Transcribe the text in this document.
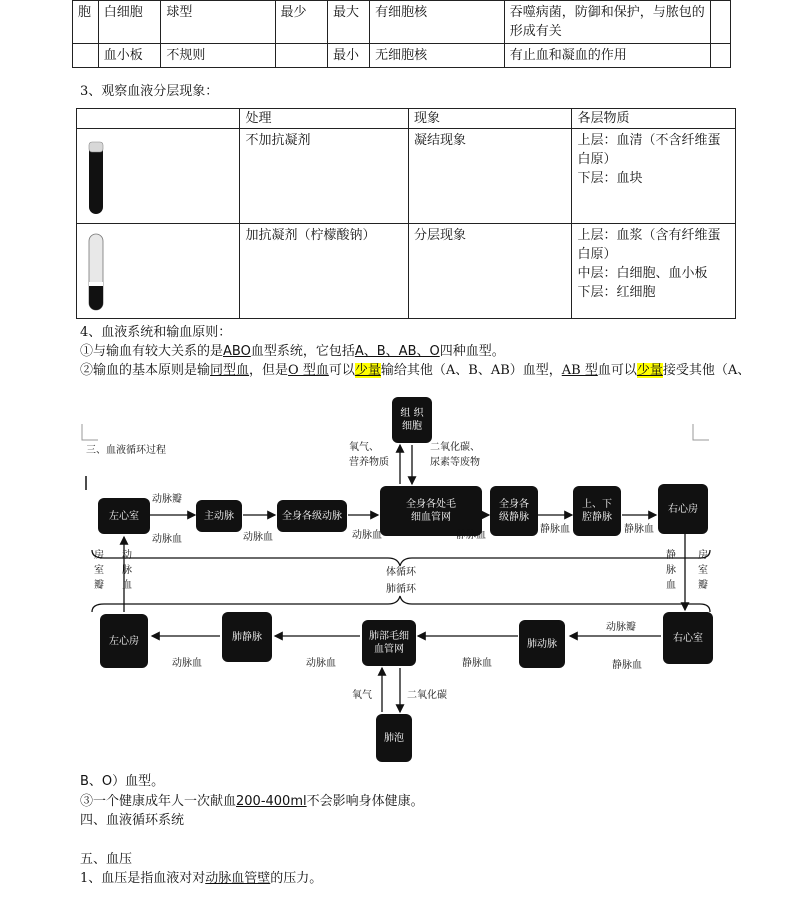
胞	白细胞	球型	最少	最大	有细胞核	吞噬病菌，防御和保护，与脓包的形成有关	
	血小板	不规则		最小	无细胞核	有止血和凝血的作用	
3、观察血液分层现象：
	处理	现象	各层物质
	不加抗凝剂	凝结现象	上层：血清（不含纤维蛋白原）
下层：血块

	加抗凝剂（柠檬酸钠）	分层现象	上层：血浆（含有纤维蛋白原）
中层：白细胞、血小板
下层：红细胞
4、血液系统和输血原则：
①与输血有较大关系的是ABO血型系统，它包括A、B、AB、O四种血型。
②输血的基本原则是输同型血，但是O 型血可以少量输给其他（A、B、AB）血型，AB 型血可以少量接受其他（A、
三、血液循环过程
组 织
细胞
氧气、
营养物质
二氧化碳、
尿素等废物
左心室	主动脉	全身各级动脉
全身各处毛
细血管网
全身各
级静脉
上、下
腔静脉
右心房
动脉瓣
动脉血	动脉血	动脉血	静脉血
静脉血	静脉血
房室瓣
动脉血
静脉血
房室瓣
体循环
肺循环
左心房	肺静脉	肺部毛细
血管网	肺动脉
右心室
肺泡
动脉血	动脉血	静脉血
动脉瓣
静脉血
氧气	二氧化碳
B、O）血型。
③一个健康成年人一次献血200-400ml不会影响身体健康。
四、血液循环系统
五、血压
1、血压是指血液对对动脉血管壁的压力。
